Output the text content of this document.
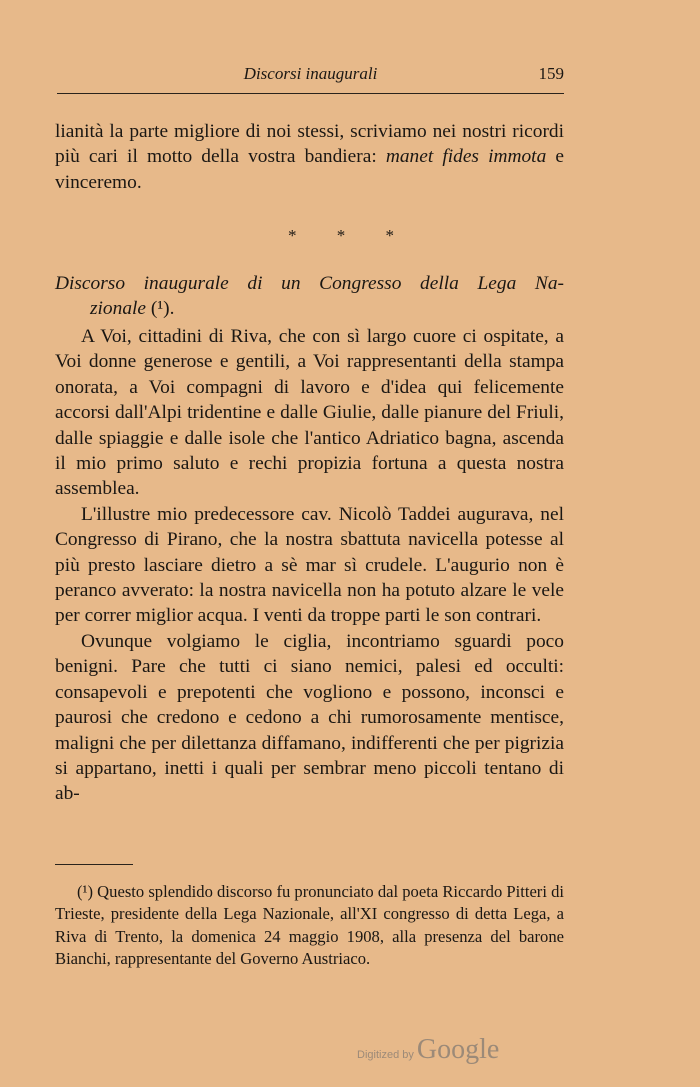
Discorsi inaugurali	159

lianità la parte migliore di noi stessi, scriviamo nei nostri ricordi più cari il motto della vostra bandiera: manet fides immota e vinceremo.

* * *
Discorso inaugurale di un Congresso della Lega Na-
zionale (¹).

A Voi, cittadini di Riva, che con sì largo cuore ci ospitate, a Voi donne generose e gentili, a Voi rappresentanti della stampa onorata, a Voi compagni di lavoro e d'idea qui felicemente accorsi dall'Alpi tridentine e dalle Giulie, dalle pianure del Friuli, dalle spiaggie e dalle isole che l'antico Adriatico bagna, ascenda il mio primo saluto e rechi propizia fortuna a questa nostra assemblea.

L'illustre mio predecessore cav. Nicolò Taddei augurava, nel Congresso di Pirano, che la nostra sbattuta navicella potesse al più presto lasciare dietro a sè mar sì crudele. L'augurio non è peranco avverato: la nostra navicella non ha potuto alzare le vele per correr miglior acqua. I venti da troppe parti le son contrari.

Ovunque volgiamo le ciglia, incontriamo sguardi poco benigni. Pare che tutti ci siano nemici, palesi ed occulti: consapevoli e prepotenti che vogliono e possono, inconsci e paurosi che credono e cedono a chi rumorosamente mentisce, maligni che per dilettanza diffamano, indifferenti che per pigrizia si appartano, inetti i quali per sembrar meno piccoli tentano di ab-

(¹) Questo splendido discorso fu pronunciato dal poeta Riccardo Pitteri di Trieste, presidente della Lega Nazionale, all'XI congresso di detta Lega, a Riva di Trento, la domenica 24 maggio 1908, alla presenza del barone Bianchi, rappresentante del Governo Austriaco.

Digitized by Google
